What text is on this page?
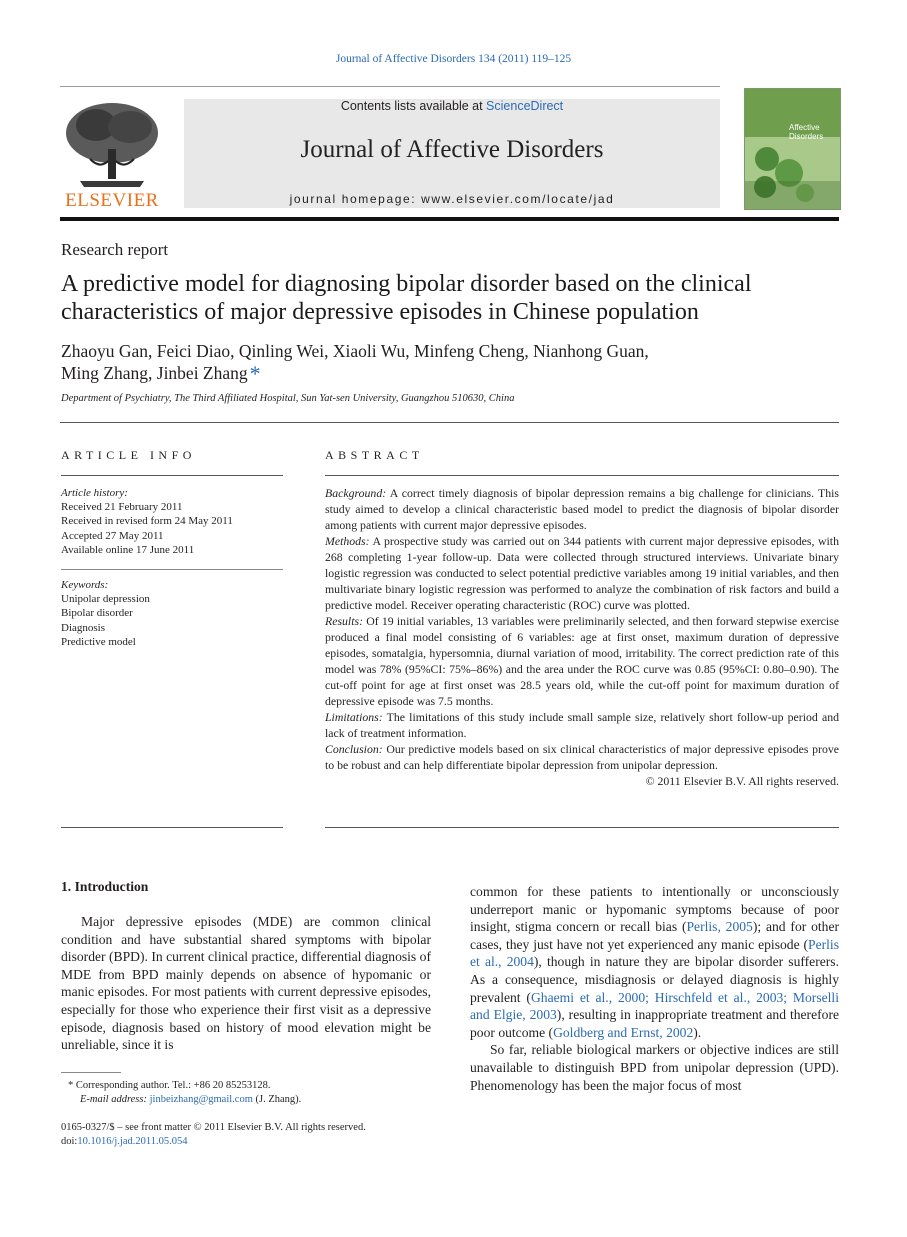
Journal of Affective Disorders 134 (2011) 119–125
ELSEVIER
Contents lists available at ScienceDirect
Journal of Affective Disorders
journal homepage: www.elsevier.com/locate/jad
Affective Disorders
Research report
A predictive model for diagnosing bipolar disorder based on the clinical characteristics of major depressive episodes in Chinese population
Zhaoyu Gan, Feici Diao, Qinling Wei, Xiaoli Wu, Minfeng Cheng, Nianhong Guan,
Ming Zhang, Jinbei Zhang*
Department of Psychiatry, The Third Affiliated Hospital, Sun Yat-sen University, Guangzhou 510630, China
ARTICLE INFO
Article history:
Received 21 February 2011
Received in revised form 24 May 2011
Accepted 27 May 2011
Available online 17 June 2011
Keywords:
Unipolar depression
Bipolar disorder
Diagnosis
Predictive model
ABSTRACT

Background: A correct timely diagnosis of bipolar depression remains a big challenge for clinicians. This study aimed to develop a clinical characteristic based model to predict the diagnosis of bipolar disorder among patients with current major depressive episodes.

Methods: A prospective study was carried out on 344 patients with current major depressive episodes, with 268 completing 1-year follow-up. Data were collected through structured interviews. Univariate binary logistic regression was conducted to select potential predictive variables among 19 initial variables, and then multivariate binary logistic regression was performed to analyze the combination of risk factors and build a predictive model. Receiver operating characteristic (ROC) curve was plotted.

Results: Of 19 initial variables, 13 variables were preliminarily selected, and then forward stepwise exercise produced a final model consisting of 6 variables: age at first onset, maximum duration of depressive episodes, somatalgia, hypersomnia, diurnal variation of mood, irritability. The correct prediction rate of this model was 78% (95%CI: 75%–86%) and the area under the ROC curve was 0.85 (95%CI: 0.80–0.90). The cut-off point for age at first onset was 28.5 years old, while the cut-off point for maximum duration of depressive episode was 7.5 months.

Limitations: The limitations of this study include small sample size, relatively short follow-up period and lack of treatment information.

Conclusion: Our predictive models based on six clinical characteristics of major depressive episodes prove to be robust and can help differentiate bipolar depression from unipolar depression.

© 2011 Elsevier B.V. All rights reserved.

1. Introduction

Major depressive episodes (MDE) are common clinical condition and have substantial shared symptoms with bipolar disorder (BPD). In current clinical practice, differential diagnosis of MDE from BPD mainly depends on absence of hypomanic or manic episodes. For most patients with current depressive episodes, especially for those who experience their first visit as a depressive episode, diagnosis based on history of mood elevation might be unreliable, since it is

common for these patients to intentionally or unconsciously underreport manic or hypomanic symptoms because of poor insight, stigma concern or recall bias (Perlis, 2005); and for other cases, they just have not yet experienced any manic episode (Perlis et al., 2004), though in nature they are bipolar disorder sufferers. As a consequence, misdiagnosis or delayed diagnosis is highly prevalent (Ghaemi et al., 2000; Hirschfeld et al., 2003; Morselli and Elgie, 2003), resulting in inappropriate treatment and therefore poor outcome (Goldberg and Ernst, 2002).

So far, reliable biological markers or objective indices are still unavailable to distinguish BPD from unipolar depression (UPD). Phenomenology has been the major focus of most

* Corresponding author. Tel.: +86 20 85253128.
E-mail address: jinbeizhang@gmail.com (J. Zhang).
0165-0327/$ – see front matter © 2011 Elsevier B.V. All rights reserved.
doi:10.1016/j.jad.2011.05.054
